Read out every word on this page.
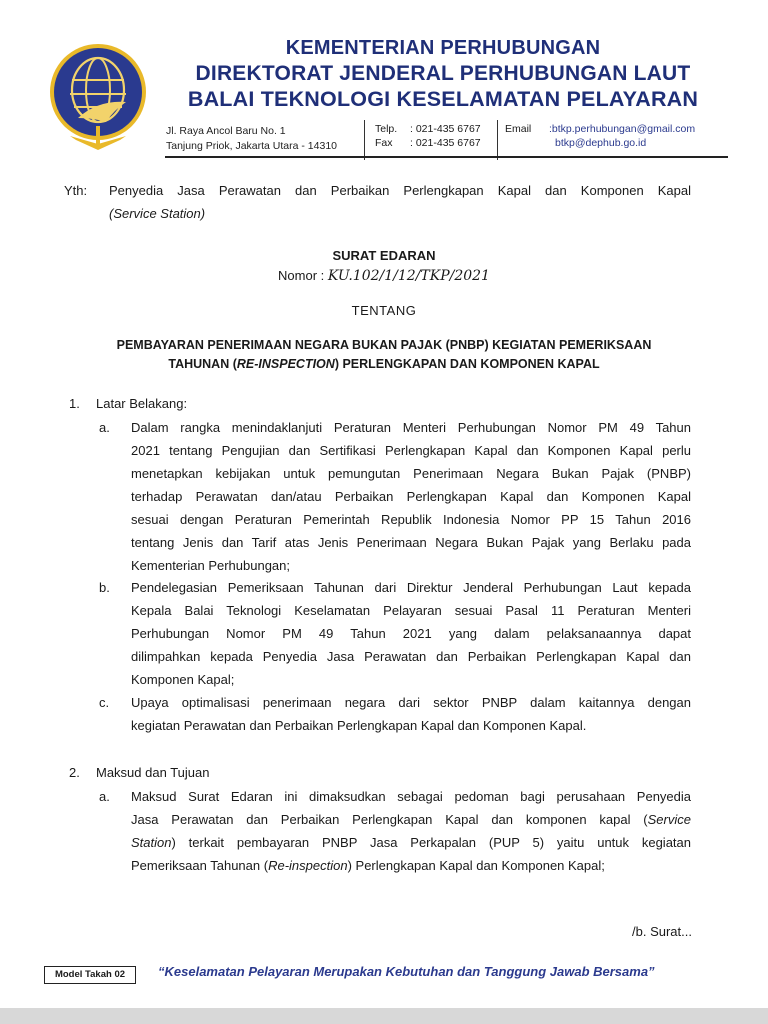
KEMENTERIAN PERHUBUNGAN
DIREKTORAT JENDERAL PERHUBUNGAN LAUT
BALAI TEKNOLOGI KESELAMATAN PELAYARAN
Jl. Raya Ancol Baru No. 1
Tanjung Priok, Jakarta Utara - 14310
Telp.
Fax
: 021-435 6767
: 021-435 6767
Email :btkp.perhubungan@gmail.com
btkp@dephub.go.id
Yth: Penyedia Jasa Perawatan dan Perbaikan Perlengkapan Kapal dan Komponen Kapal
(Service Station)
SURAT EDARAN
Nomor : KU.102/1/12/TKP/2021
TENTANG
PEMBAYARAN PENERIMAAN NEGARA BUKAN PAJAK (PNBP) KEGIATAN PEMERIKSAAN
TAHUNAN (RE-INSPECTION) PERLENGKAPAN DAN KOMPONEN KAPAL
1. Latar Belakang:
a. Dalam rangka menindaklanjuti Peraturan Menteri Perhubungan Nomor PM 49 Tahun
2021 tentang Pengujian dan Sertifikasi Perlengkapan Kapal dan Komponen Kapal perlu
menetapkan kebijakan untuk pemungutan Penerimaan Negara Bukan Pajak (PNBP)
terhadap Perawatan dan/atau Perbaikan Perlengkapan Kapal dan Komponen Kapal
sesuai dengan Peraturan Pemerintah Republik Indonesia Nomor PP 15 Tahun 2016
tentang Jenis dan Tarif atas Jenis Penerimaan Negara Bukan Pajak yang Berlaku pada
Kementerian Perhubungan;
b. Pendelegasian Pemeriksaan Tahunan dari Direktur Jenderal Perhubungan Laut kepada
Kepala Balai Teknologi Keselamatan Pelayaran sesuai Pasal 11 Peraturan Menteri
Perhubungan Nomor PM 49 Tahun 2021 yang dalam pelaksanaannya dapat
dilimpahkan kepada Penyedia Jasa Perawatan dan Perbaikan Perlengkapan Kapal dan
Komponen Kapal;
c. Upaya optimalisasi penerimaan negara dari sektor PNBP dalam kaitannya dengan
kegiatan Perawatan dan Perbaikan Perlengkapan Kapal dan Komponen Kapal.
2. Maksud dan Tujuan
a. Maksud Surat Edaran ini dimaksudkan sebagai pedoman bagi perusahaan Penyedia
Jasa Perawatan dan Perbaikan Perlengkapan Kapal dan komponen kapal (Service
Station) terkait pembayaran PNBP Jasa Perkapalan (PUP 5) yaitu untuk kegiatan
Pemeriksaan Tahunan (Re-inspection) Perlengkapan Kapal dan Komponen Kapal;
/b. Surat...
Model Takah 02	“Keselamatan Pelayaran Merupakan Kebutuhan dan Tanggung Jawab Bersama”
